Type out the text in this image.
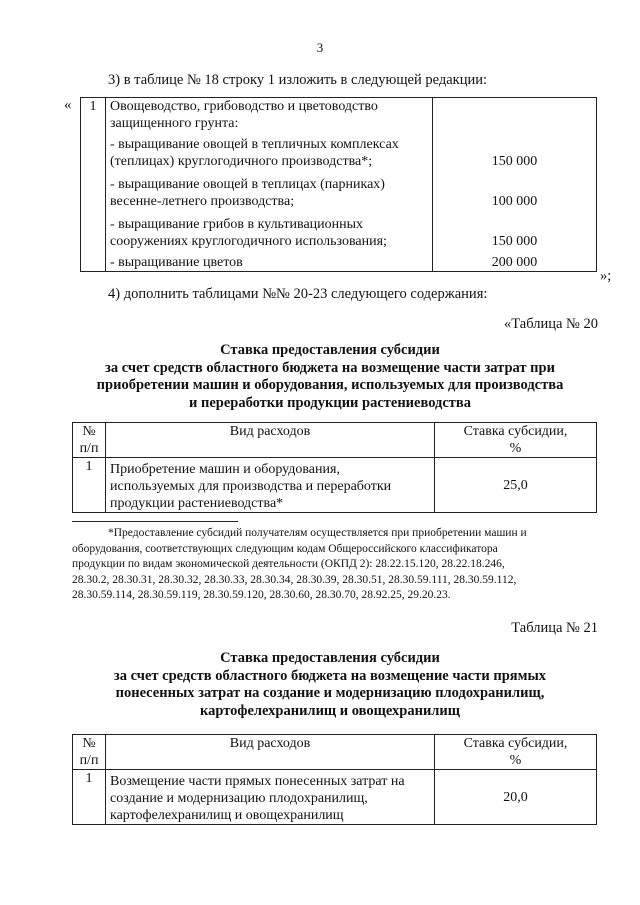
3
3) в таблице № 18 строку 1 изложить в следующей редакции:
« 1	Овощеводство, грибоводство и цветоводство
защищенного грунта:	

	- выращивание овощей в тепличных комплексах
(теплицах) круглогодичного производства*;	150 000

	- выращивание овощей в теплицах (парниках)
весенне-летнего производства;	100 000

	- выращивание грибов в культивационных
сооружениях круглогодичного использования;	150 000

	- выращивание цветов	200 000
»;
4) дополнить таблицами №№ 20-23 следующего содержания:
«Таблица № 20
Ставка предоставления субсидии
за счет средств областного бюджета на возмещение части затрат при
приобретении машин и оборудования, используемых для производства
и переработки продукции растениеводства
№
п/п	Вид расходов	Ставка субсидии,
%

1	Приобретение машин и оборудования,
используемых для производства и переработки
продукции растениеводства*	25,0
*Предоставление субсидий получателям осуществляется при приобретении машин и
оборудования, соответствующих следующим кодам Общероссийского классификатора
продукции по видам экономической деятельности (ОКПД 2): 28.22.15.120, 28.22.18.246,
28.30.2, 28.30.31, 28.30.32, 28.30.33, 28.30.34, 28.30.39, 28.30.51, 28.30.59.111, 28.30.59.112,
28.30.59.114, 28.30.59.119, 28.30.59.120, 28.30.60, 28.30.70, 28.92.25, 29.20.23.
Таблица № 21
Ставка предоставления субсидии
за счет средств областного бюджета на возмещение части прямых
понесенных затрат на создание и модернизацию плодохранилищ,
картофелехранилищ и овощехранилищ
№
п/п	Вид расходов	Ставка субсидии,
%

1	Возмещение части прямых понесенных затрат на
создание и модернизацию плодохранилищ,
картофелехранилищ и овощехранилищ	20,0
